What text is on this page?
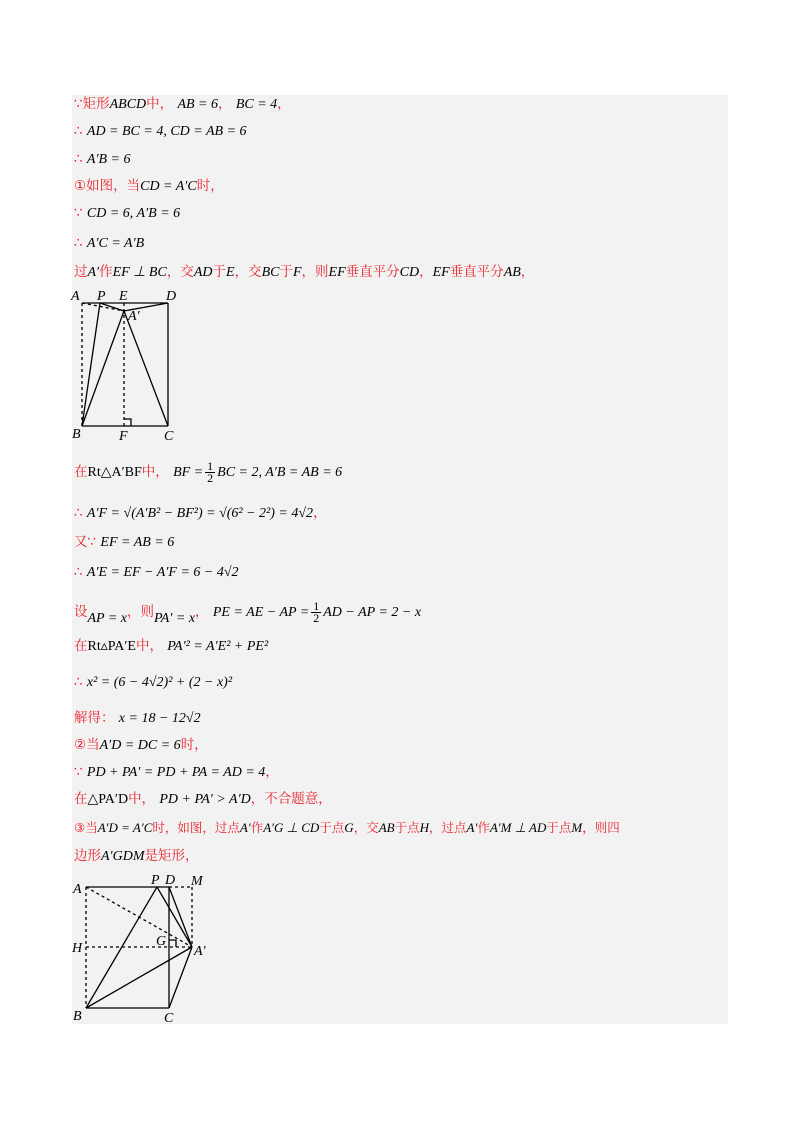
∵矩形ABCD中， AB = 6， BC = 4，
∴ AD = BC = 4, CD = AB = 6
∴ A′B = 6
①如图，当CD = A′C时，
∵ CD = 6, A′B = 6
∴ A′C = A′B
过A′作EF ⊥ BC，交AD于E，交BC于F，则EF垂直平分CD，EF垂直平分AB，
A P E	D
A′
B	F	C
在Rt△A′BF中， BF = $\frac{1}{2}$ BC = 2, A′B = AB = 6
∴ A′F = √(A′B² − BF²) = √(6² − 2²) = 4√2，
又∵ EF = AB = 6
∴ A′E = EF − A′F = 6 − 4√2
设AP = x，则PA′ = x， PE = AE − AP = $\frac{1}{2}$ AD − AP = 2 − x
在Rt▵PA′E中， PA′² = A′E² + PE²
∴ x² = (6 − 4√2)² + (2 − x)²
解得： x = 18 − 12√2
②当A′D = DC = 6时，
∵ PD + PA′ = PD + PA = AD = 4，
在△PA′D中， PD + PA′ > A′D，不合题意，
③当A′D = A′C时，如图，过点A′作A′G ⊥ CD于点G，交AB于点H，过点A′作A′M ⊥ AD于点M，则四
边形A′GDM是矩形，
A
P D M
H	G
A′
B	C
